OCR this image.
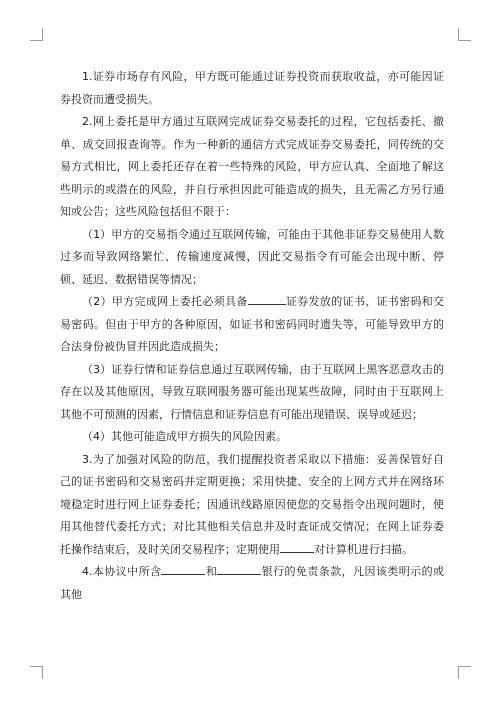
1.证券市场存有风险，甲方既可能通过证券投资而获取收益，亦可能因证券投资而遭受损失。

2.网上委托是甲方通过互联网完成证券交易委托的过程，它包括委托、撤单、成交回报查询等。作为一种新的通信方式完成证券交易委托，同传统的交易方式相比，网上委托还存在着一些特殊的风险，甲方应认真、全面地了解这些明示的或潜在的风险，并自行承担因此可能造成的损失，且无需乙方另行通知或公告；这些风险包括但不限于：

（1）甲方的交易指令通过互联网传输，可能由于其他非证券交易使用人数过多而导致网络繁忙、传输速度减慢，因此交易指令有可能会出现中断、停顿、延迟、数据错误等情况；

（2）甲方完成网上委托必须具备	证券发放的证书、证书密码和交易密码。但由于甲方的各种原因，如证书和密码同时遗失等，可能导致甲方的合法身份被伪冒并因此造成损失；

（3）证券行情和证券信息通过互联网传输，由于互联网上黑客恶意攻击的存在以及其他原因，导致互联网服务器可能出现某些故障，同时由于互联网上其他不可预测的因素，行情信息和证券信息有可能出现错误、误导或延迟；

（4）其他可能造成甲方损失的风险因素。

3.为了加强对风险的防范，我们提醒投资者采取以下措施：妥善保管好自己的证书密码和交易密码并定期更换；采用快捷、安全的上网方式并在网络环境稳定时进行网上证券委托；因通讯线路原因使您的交易指令出现问题时，使用其他替代委托方式；对比其他相关信息并及时查证成交情况；在网上证券委托操作结束后，及时关闭交易程序；定期使用	对计算机进行扫描。

4.本协议中所含	和	银行的免责条款，凡因该类明示的或其他
